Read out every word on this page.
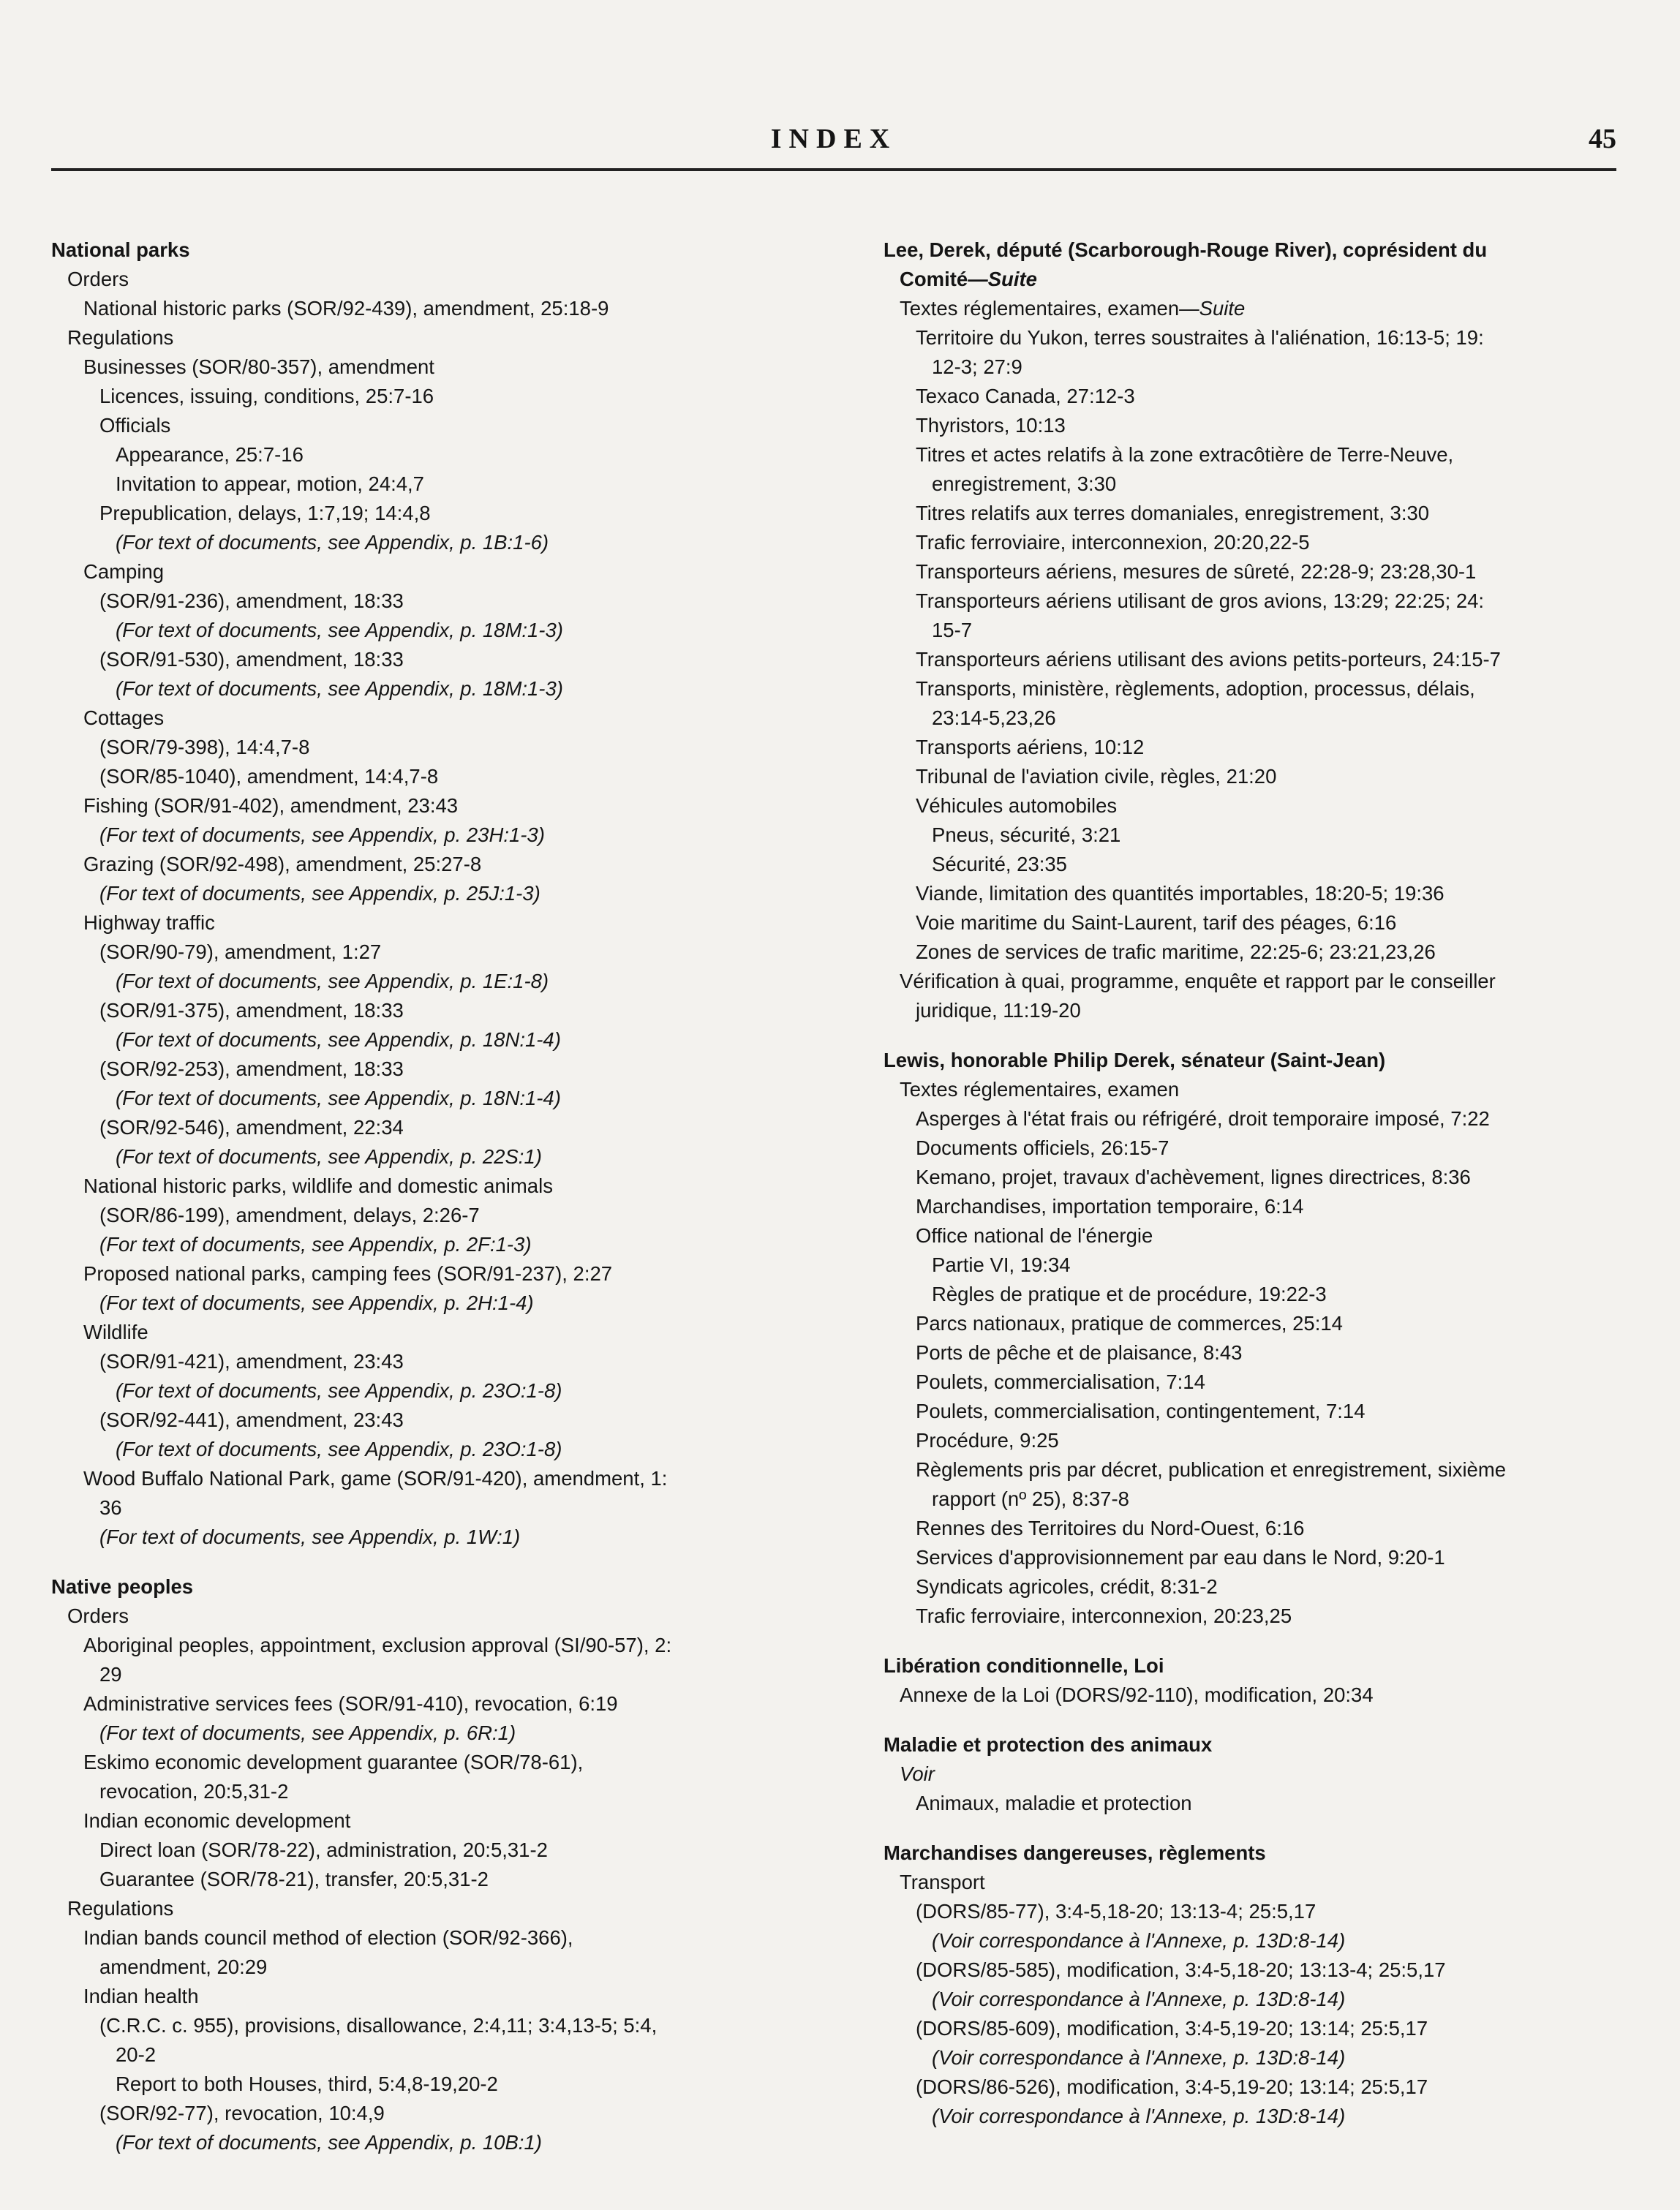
INDEX	45

National parks

Orders

National historic parks (SOR/92-439), amendment, 25:18-9

Regulations

Businesses (SOR/80-357), amendment

Licences, issuing, conditions, 25:7-16

Officials

Appearance, 25:7-16

Invitation to appear, motion, 24:4,7

Prepublication, delays, 1:7,19; 14:4,8

(For text of documents, see Appendix, p. 1B:1-6)

Camping

(SOR/91-236), amendment, 18:33

(For text of documents, see Appendix, p. 18M:1-3)

(SOR/91-530), amendment, 18:33

(For text of documents, see Appendix, p. 18M:1-3)

Cottages

(SOR/79-398), 14:4,7-8

(SOR/85-1040), amendment, 14:4,7-8

Fishing (SOR/91-402), amendment, 23:43

(For text of documents, see Appendix, p. 23H:1-3)

Grazing (SOR/92-498), amendment, 25:27-8

(For text of documents, see Appendix, p. 25J:1-3)

Highway traffic

(SOR/90-79), amendment, 1:27

(For text of documents, see Appendix, p. 1E:1-8)

(SOR/91-375), amendment, 18:33

(For text of documents, see Appendix, p. 18N:1-4)

(SOR/92-253), amendment, 18:33

(For text of documents, see Appendix, p. 18N:1-4)

(SOR/92-546), amendment, 22:34

(For text of documents, see Appendix, p. 22S:1)

National historic parks, wildlife and domestic animals

(SOR/86-199), amendment, delays, 2:26-7

(For text of documents, see Appendix, p. 2F:1-3)

Proposed national parks, camping fees (SOR/91-237), 2:27

(For text of documents, see Appendix, p. 2H:1-4)

Wildlife

(SOR/91-421), amendment, 23:43

(For text of documents, see Appendix, p. 23O:1-8)

(SOR/92-441), amendment, 23:43

(For text of documents, see Appendix, p. 23O:1-8)

Wood Buffalo National Park, game (SOR/91-420), amendment, 1:

36

(For text of documents, see Appendix, p. 1W:1)

Native peoples

Orders

Aboriginal peoples, appointment, exclusion approval (SI/90-57), 2:

29

Administrative services fees (SOR/91-410), revocation, 6:19

(For text of documents, see Appendix, p. 6R:1)

Eskimo economic development guarantee (SOR/78-61),

revocation, 20:5,31-2

Indian economic development

Direct loan (SOR/78-22), administration, 20:5,31-2

Guarantee (SOR/78-21), transfer, 20:5,31-2

Regulations

Indian bands council method of election (SOR/92-366),

amendment, 20:29

Indian health

(C.R.C. c. 955), provisions, disallowance, 2:4,11; 3:4,13-5; 5:4,

20-2

Report to both Houses, third, 5:4,8-19,20-2

(SOR/92-77), revocation, 10:4,9

(For text of documents, see Appendix, p. 10B:1)

Lee, Derek, député (Scarborough-Rouge River), coprésident du

Comité—Suite

Textes réglementaires, examen—Suite

Territoire du Yukon, terres soustraites à l'aliénation, 16:13-5; 19:

12-3; 27:9

Texaco Canada, 27:12-3

Thyristors, 10:13

Titres et actes relatifs à la zone extracôtière de Terre-Neuve,

enregistrement, 3:30

Titres relatifs aux terres domaniales, enregistrement, 3:30

Trafic ferroviaire, interconnexion, 20:20,22-5

Transporteurs aériens, mesures de sûreté, 22:28-9; 23:28,30-1

Transporteurs aériens utilisant de gros avions, 13:29; 22:25; 24:

15-7

Transporteurs aériens utilisant des avions petits-porteurs, 24:15-7

Transports, ministère, règlements, adoption, processus, délais,

23:14-5,23,26

Transports aériens, 10:12

Tribunal de l'aviation civile, règles, 21:20

Véhicules automobiles

Pneus, sécurité, 3:21

Sécurité, 23:35

Viande, limitation des quantités importables, 18:20-5; 19:36

Voie maritime du Saint-Laurent, tarif des péages, 6:16

Zones de services de trafic maritime, 22:25-6; 23:21,23,26

Vérification à quai, programme, enquête et rapport par le conseiller

juridique, 11:19-20

Lewis, honorable Philip Derek, sénateur (Saint-Jean)

Textes réglementaires, examen

Asperges à l'état frais ou réfrigéré, droit temporaire imposé, 7:22

Documents officiels, 26:15-7

Kemano, projet, travaux d'achèvement, lignes directrices, 8:36

Marchandises, importation temporaire, 6:14

Office national de l'énergie

Partie VI, 19:34

Règles de pratique et de procédure, 19:22-3

Parcs nationaux, pratique de commerces, 25:14

Ports de pêche et de plaisance, 8:43

Poulets, commercialisation, 7:14

Poulets, commercialisation, contingentement, 7:14

Procédure, 9:25

Règlements pris par décret, publication et enregistrement, sixième

rapport (nº 25), 8:37-8

Rennes des Territoires du Nord-Ouest, 6:16

Services d'approvisionnement par eau dans le Nord, 9:20-1

Syndicats agricoles, crédit, 8:31-2

Trafic ferroviaire, interconnexion, 20:23,25

Libération conditionnelle, Loi

Annexe de la Loi (DORS/92-110), modification, 20:34

Maladie et protection des animaux

Voir

Animaux, maladie et protection

Marchandises dangereuses, règlements

Transport

(DORS/85-77), 3:4-5,18-20; 13:13-4; 25:5,17

(Voir correspondance à l'Annexe, p. 13D:8-14)

(DORS/85-585), modification, 3:4-5,18-20; 13:13-4; 25:5,17

(Voir correspondance à l'Annexe, p. 13D:8-14)

(DORS/85-609), modification, 3:4-5,19-20; 13:14; 25:5,17

(Voir correspondance à l'Annexe, p. 13D:8-14)

(DORS/86-526), modification, 3:4-5,19-20; 13:14; 25:5,17

(Voir correspondance à l'Annexe, p. 13D:8-14)
